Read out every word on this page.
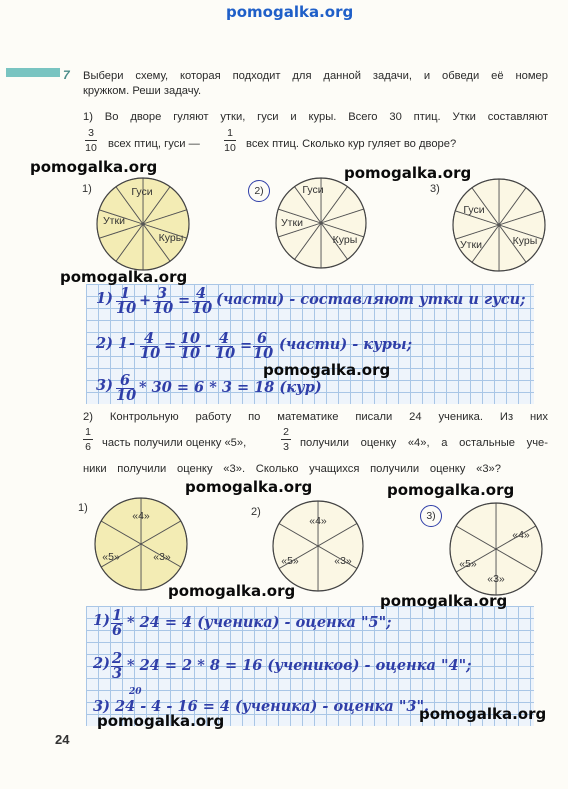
pomogalka.org
7 Выбери схему, которая подходит для данной задачи, и обведи её номер
кружком. Реши задачу.
1) Во дворе гуляют утки, гуси и куры. Всего 30 птиц. Утки составляют
3
10 всех птиц, гуси —
1
10 всех птиц. Сколько кур гуляет во дворе?
1)	Гуси
Утки
Куры
2)	Гуси
Утки
Куры
3)
Гуси
Утки	Куры
1) 1
10 + 3
10 = 4
10
(части) - составляют утки и гуси;
2) 1 - 4
10 = 10
10 - 4
10 = 6
10
(части) - куры;
3) 6
10 * 30 = 6 * 3 = 18 (кур)
2) Контрольную работу по математике писали 24 ученика. Из них
1
6 часть получили оценку «5»,
2
3 получили оценку «4», а остальные уче-
ники получили оценку «3». Сколько учащихся получили оценку «3»?
1)
«4»
«5»	«3»
2)
«4»
«5»	«3»
3)
«4»
«5»
«3»
1) 1
6 * 24 = 4 (ученика) - оценка "5";
2) 2
3 * 24 = 2 * 8 = 16 (учеников) - оценка "4";
20
3) 24 - 4 - 16 = 4 (ученика) - оценка "3".
pomogalka.org	pomogalka.org
pomogalka.org
pomogalka.org
pomogalka.org	pomogalka.org
pomogalka.org
pomogalka.org
pomogalka.org	pomogalka.org
24
